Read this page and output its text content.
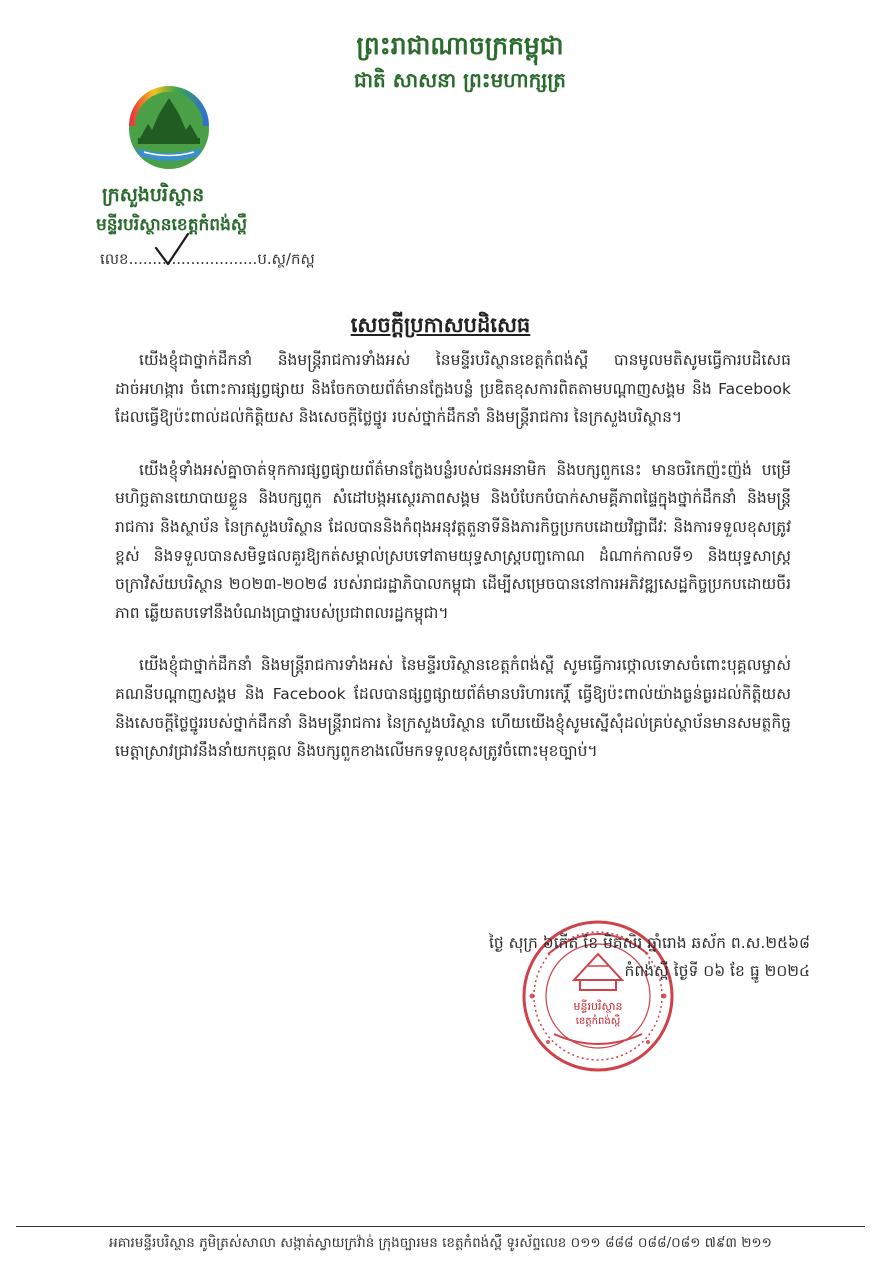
ព្រះរាជាណាចក្រកម្ពុជា
ជាតិ សាសនា ព្រះមហាក្សត្រ
ក្រសួងបរិស្ថាន
មន្ទីរបរិស្ថានខេត្តកំពង់ស្ពឺ
លេខ...........................ប.ស្ថ/កស្ព
សេចក្តីប្រកាសបដិសេធ

យើងខ្ញុំជាថ្នាក់ដឹកនាំ និងមន្ត្រីរាជការទាំងអស់ នៃមន្ទីរបរិស្ថានខេត្តកំពង់ស្ពឺ បានមូលមតិសូមធ្វើការបដិសេធដាច់អហង្ការ ចំពោះការផ្សព្វផ្សាយ និងចែកចាយព័ត៌មានក្លែងបន្លំ ប្រឌិតខុសការពិតតាមបណ្តាញសង្គម និង Facebook ដែលធ្វើឱ្យប៉ះពាល់ដល់កិត្តិយស និងសេចក្តីថ្លៃថ្នូរ របស់ថ្នាក់ដឹកនាំ និងមន្ត្រីរាជការ នៃក្រសួងបរិស្ថាន។

យើងខ្ញុំទាំងអស់គ្នាចាត់ទុកការផ្សព្វផ្សាយព័ត៌មានក្លែងបន្លំរបស់ជនអនាមិក និងបក្សពួកនេះ មានចរិកេញ៉ះញ៉ង់ បម្រើមហិច្ឆតានយោបាយខ្លួន និងបក្សពួក សំដៅបង្កអស្ថេរភាពសង្គម និងបំបែកបំបាក់សាមគ្គីភាពផ្ទៃក្នុងថ្នាក់ដឹកនាំ និងមន្ត្រីរាជការ និងស្ថាប័ន នៃក្រសួងបរិស្ថាន ដែលបាននិងកំពុងអនុវត្តតួនាទីនិងភារកិច្ចប្រកបដោយវិជ្ជាជីវៈ និងការទទួលខុសត្រូវខ្ពស់ និងទទួលបានសមិទ្ធផលគួរឱ្យកត់សម្គាល់ស្របទៅតាមយុទ្ធសាស្ត្របញ្ចកោណ ដំណាក់កាលទី១ និងយុទ្ធសាស្ត្រចក្រាវិស័យបរិស្ថាន ២០២៣-២០២៨ របស់រាជរដ្ឋាភិបាលកម្ពុជា ដើម្បីសម្រេចបាននៅការអភិវឌ្ឍសេដ្ឋកិច្ចប្រកបដោយចីរភាព ឆ្លើយតបទៅនឹងបំណងប្រាថ្នារបស់ប្រជាពលរដ្ឋកម្ពុជា។

យើងខ្ញុំជាថ្នាក់ដឹកនាំ និងមន្ត្រីរាជការទាំងអស់ នៃមន្ទីរបរិស្ថានខេត្តកំពង់ស្ពឺ សូមធ្វើការថ្កោលទោសចំពោះបុគ្គលម្ចាស់គណនីបណ្តាញសង្គម និង Facebook ដែលបានផ្សព្វផ្សាយព័ត៌មានបរិហារកេរ្តិ៍ ធ្វើឱ្យប៉ះពាល់យ៉ាងធ្ងន់ធ្ងរដល់កិត្តិយស និងសេចក្តីថ្លៃថ្នូររបស់ថ្នាក់ដឹកនាំ និងមន្ត្រីរាជការ នៃក្រសួងបរិស្ថាន ហើយយើងខ្ញុំសូមស្នើសុំដល់គ្រប់ស្ថាប័នមានសមត្ថកិច្ច មេត្តាស្រាវជ្រាវនឹងនាំយកបុគ្គល និងបក្សពួកខាងលើមកទទួលខុសត្រូវចំពោះមុខច្បាប់។

មន្ទីរបរិស្ថាន
ខេត្តកំពង់ស្ពឺ
ថ្ងៃ សុក្រ ៦កើត ខែ មិគសិរ ឆ្នាំរោង ឆស័ក ព.ស.២៥៦៨
កំពង់ស្ពឺ ថ្ងៃទី ០៦ ខែ ធ្នូ ២០២៤
អគារមន្ទីរបរិស្ថាន ភូមិត្រស់សាលា សង្កាត់ស្វាយក្រវ៉ាន់ ក្រុងច្បារមន ខេត្តកំពង់ស្ពឺ ទូរស័ព្ទលេខ ០១១ ៨៨៨ ០៨៨/០៨១ ៧៩៣ ២១១
